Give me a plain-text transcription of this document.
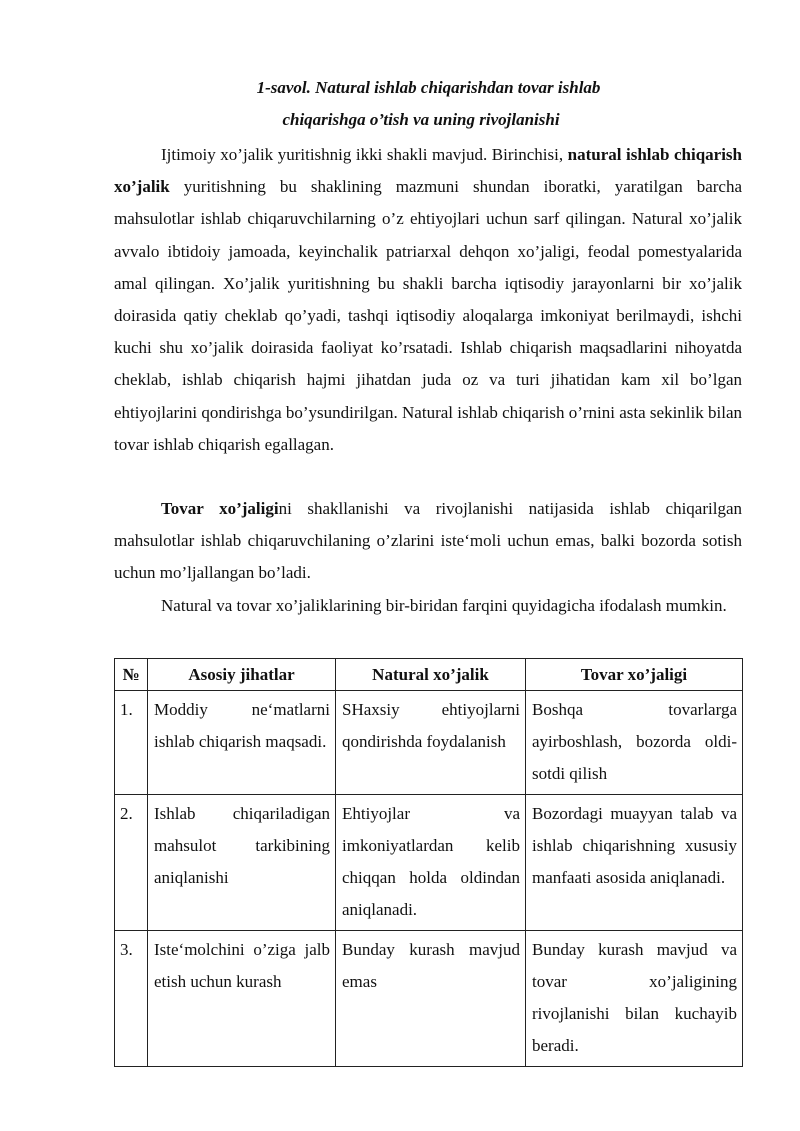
1-savol. Natural ishlab chiqarishdan tovar ishlab
chiqarishga o’tish va uning rivojlanishi

Ijtimoiy xo’jalik yuritishnig ikki shakli mavjud. Birinchisi, natural ishlab chiqarish xo’jalik yuritishning bu shaklining mazmuni shundan iboratki, yaratilgan barcha mahsulotlar ishlab chiqaruvchilarning o’z ehtiyojlari uchun sarf qilingan. Natural xo’jalik avvalo ibtidoiy jamoada, keyinchalik patriarxal dehqon xo’jaligi, feodal pomestyalarida amal qilingan. Xo’jalik yuritishning bu shakli barcha iqtisodiy jarayonlarni bir xo’jalik doirasida qatiy cheklab qo’yadi, tashqi iqtisodiy aloqalarga imkoniyat berilmaydi, ishchi kuchi shu xo’jalik doirasida faoliyat ko’rsatadi. Ishlab chiqarish maqsadlarini nihoyatda cheklab, ishlab chiqarish hajmi jihatdan juda oz va turi jihatidan kam xil bo’lgan ehtiyojlarini qondirishga bo’ysundirilgan. Natural ishlab chiqarish o’rnini asta sekinlik bilan tovar ishlab chiqarish egallagan.

Tovar xo’jaligini shakllanishi va rivojlanishi natijasida ishlab chiqarilgan mahsulotlar ishlab chiqaruvchilaning o’zlarini iste‘moli uchun emas, balki bozorda sotish uchun mo’ljallangan bo’ladi.

Natural va tovar xo’jaliklarining bir-biridan farqini quyidagicha ifodalash mumkin.

№	Asosiy jihatlar	Natural xo’jalik	Tovar xo’jaligi
1.	Moddiy ne‘matlarni ishlab chiqarish maqsadi.	SHaxsiy ehtiyojlarni qondirishda foydalanish	Boshqa tovarlarga ayirboshlash, bozorda oldi-sotdi qilish
2.	Ishlab chiqariladigan mahsulot tarkibining aniqlanishi	Ehtiyojlar va imkoniyatlardan kelib chiqqan holda oldindan aniqlanadi.	Bozordagi muayyan talab va ishlab chiqarishning xususiy manfaati asosida aniqlanadi.
3.	Iste‘molchini o’ziga jalb etish uchun kurash	Bunday kurash mavjud emas	Bunday kurash mavjud va tovar xo’jaligining rivojlanishi bilan kuchayib beradi.
